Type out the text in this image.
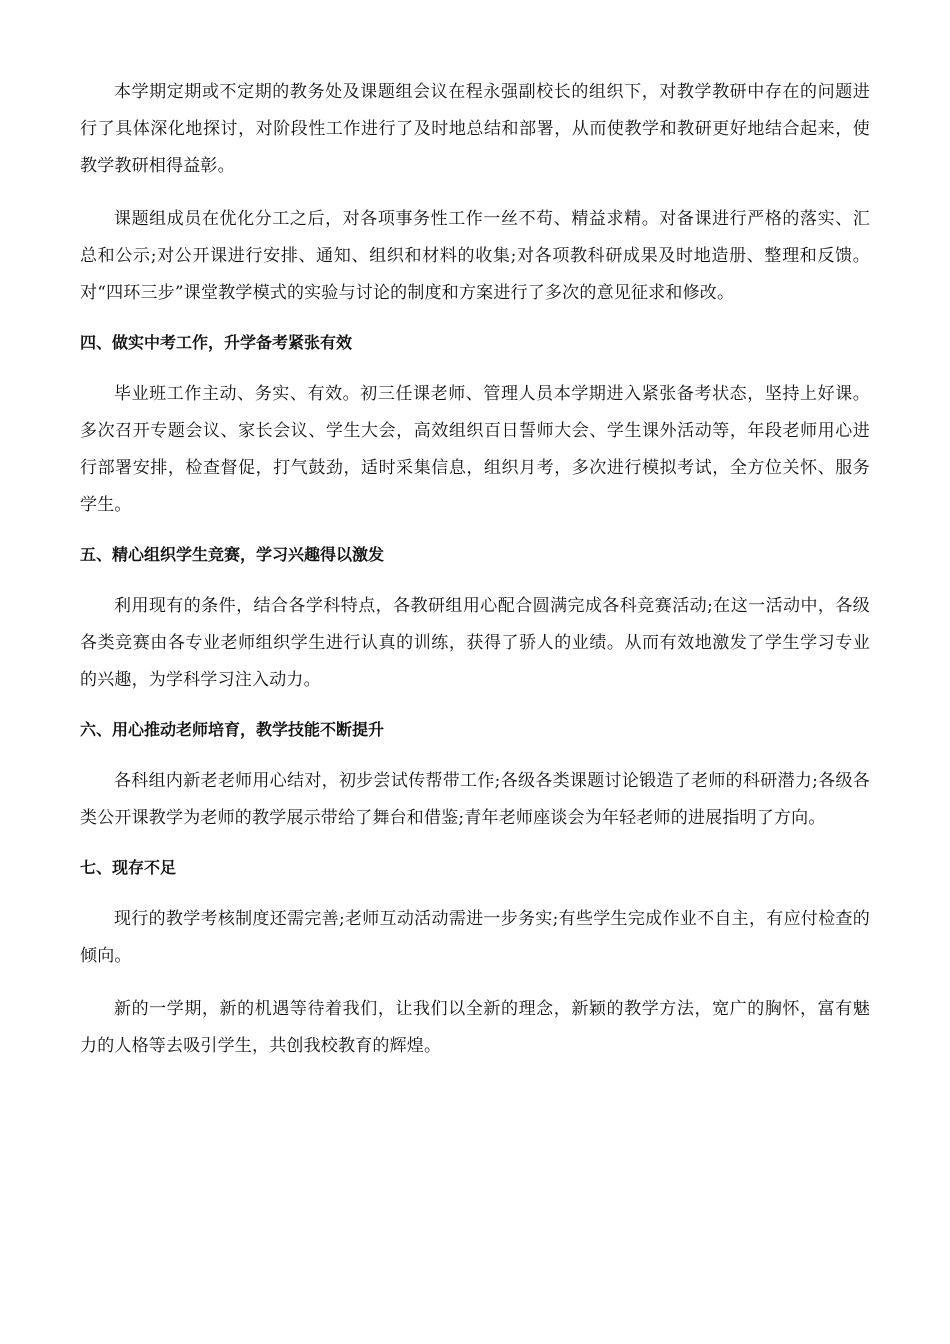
本学期定期或不定期的教务处及课题组会议在程永强副校长的组织下，对教学教研中存在的问题进行了具体深化地探讨，对阶段性工作进行了及时地总结和部署，从而使教学和教研更好地结合起来，使教学教研相得益彰。

课题组成员在优化分工之后，对各项事务性工作一丝不苟、精益求精。对备课进行严格的落实、汇总和公示;对公开课进行安排、通知、组织和材料的收集;对各项教科研成果及时地造册、整理和反馈。对“四环三步”课堂教学模式的实验与讨论的制度和方案进行了多次的意见征求和修改。

四、做实中考工作，升学备考紧张有效

毕业班工作主动、务实、有效。初三任课老师、管理人员本学期进入紧张备考状态，坚持上好课。多次召开专题会议、家长会议、学生大会，高效组织百日誓师大会、学生课外活动等，年段老师用心进行部署安排，检查督促，打气鼓劲，适时采集信息，组织月考，多次进行模拟考试，全方位关怀、服务学生。

五、精心组织学生竞赛，学习兴趣得以激发

利用现有的条件，结合各学科特点，各教研组用心配合圆满完成各科竞赛活动;在这一活动中，各级各类竞赛由各专业老师组织学生进行认真的训练，获得了骄人的业绩。从而有效地激发了学生学习专业的兴趣，为学科学习注入动力。

六、用心推动老师培育，教学技能不断提升

各科组内新老老师用心结对，初步尝试传帮带工作;各级各类课题讨论锻造了老师的科研潜力;各级各类公开课教学为老师的教学展示带给了舞台和借鉴;青年老师座谈会为年轻老师的进展指明了方向。

七、现存不足

现行的教学考核制度还需完善;老师互动活动需进一步务实;有些学生完成作业不自主，有应付检查的倾向。

新的一学期，新的机遇等待着我们，让我们以全新的理念，新颖的教学方法，宽广的胸怀，富有魅力的人格等去吸引学生，共创我校教育的辉煌。
